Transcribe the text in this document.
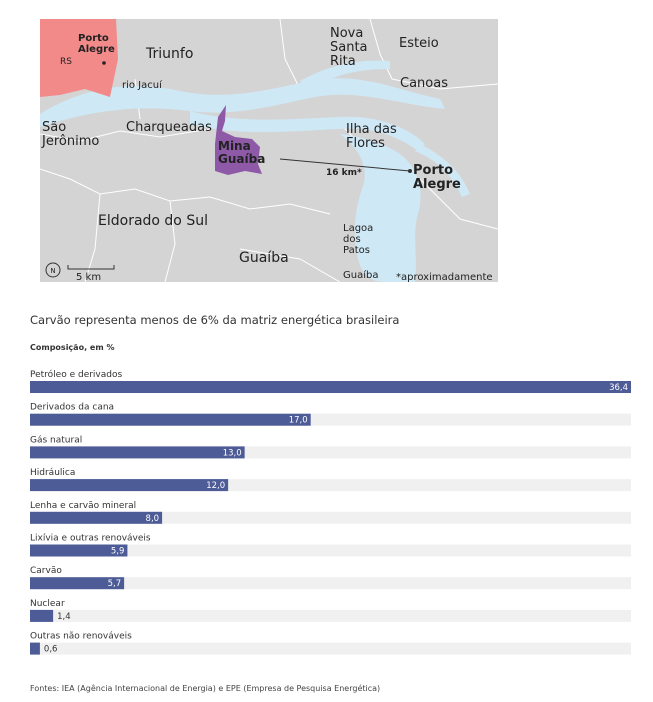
Porto Alegre
RS	Triunfo
Nova Santa Rita
Esteio
Canoas
rio Jacuí
São Jerônimo
Charqueadas	Ilha das Flores
Mina Guaíba
Porto Alegre
16 km*
Eldorado do Sul
Guaíba
Lagoa dos Patos
Guaíba
N
5 km	*aproximadamente
Carvão representa menos de 6% da matriz energética brasileira
Composição, em %
Petróleo e derivados
36,4
Derivados da cana
17,0
Gás natural
13,0
Hidráulica
12,0
Lenha e carvão mineral
8,0
Lixívia e outras renováveis
5,9
Carvão
5,7
Nuclear
1,4
Outras não renováveis
0,6
Fontes: IEA (Agência Internacional de Energia) e EPE (Empresa de Pesquisa Energética)
